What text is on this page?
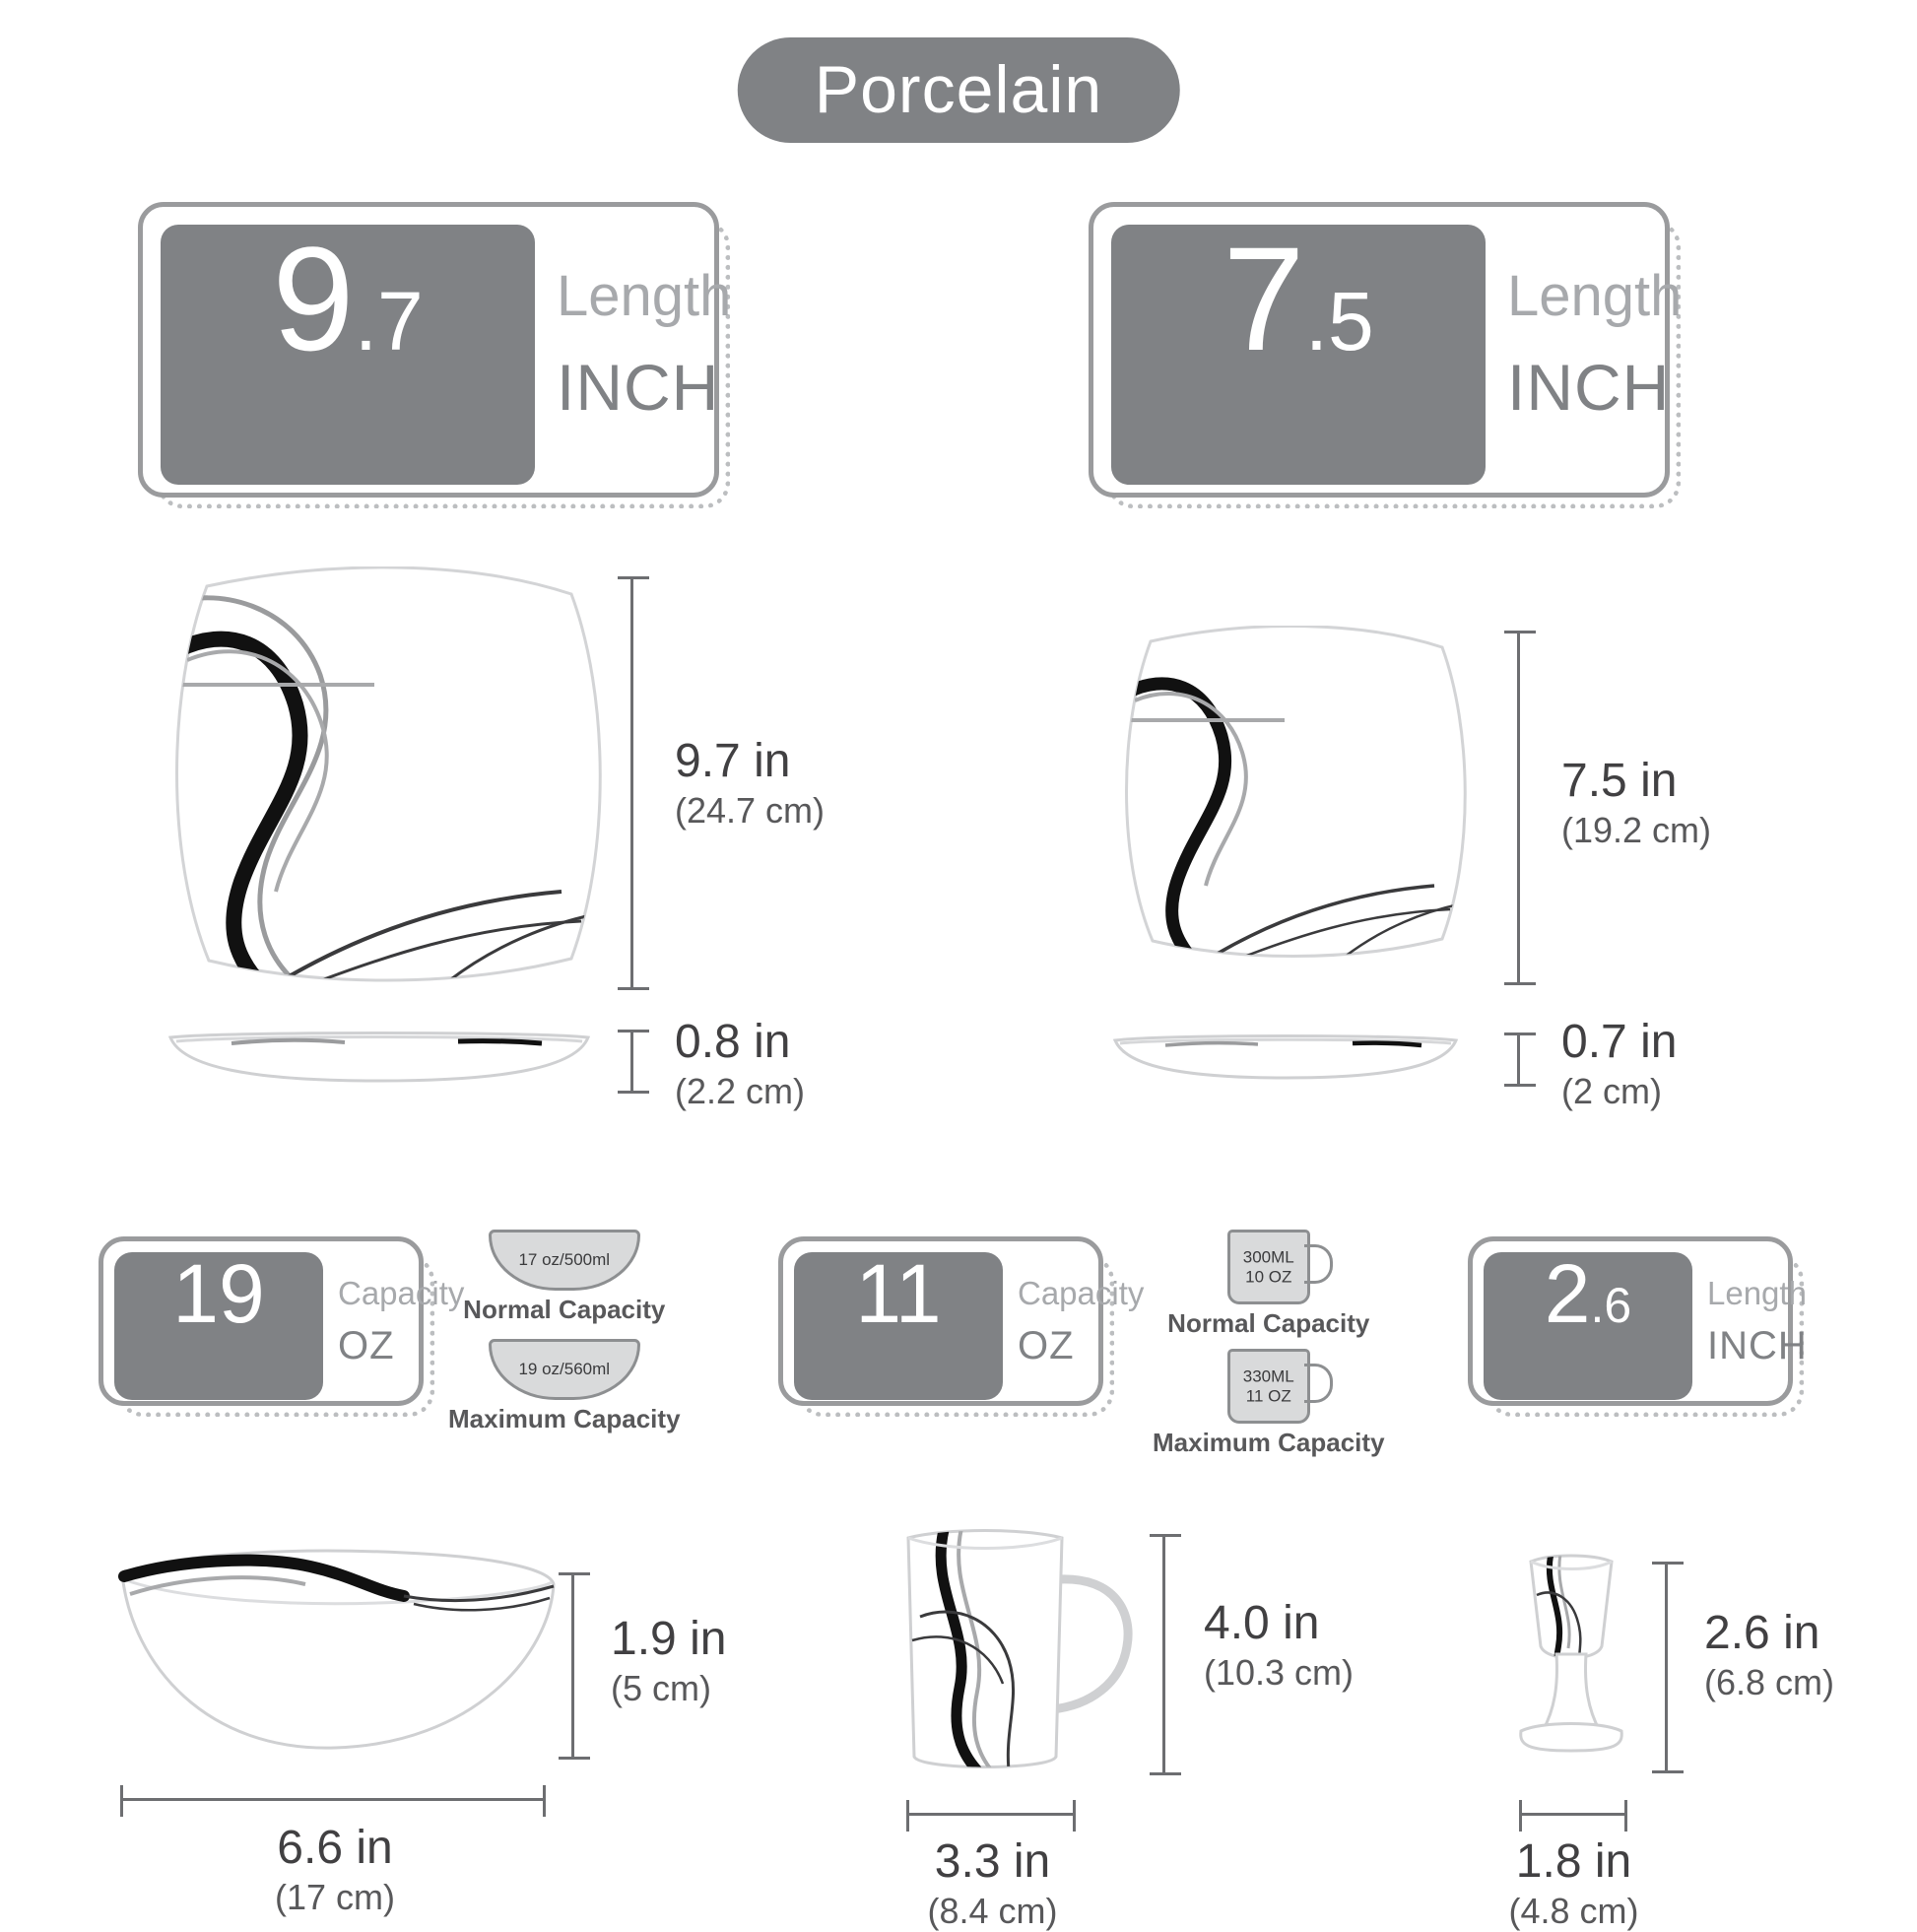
Porcelain
9 .7 Length
INCH
7 .5 Length
INCH
9.7 in
(24.7 cm)
0.8 in
(2.2 cm)
7.5 in
(19.2 cm)
0.7 in
(2 cm)
19 Capacity
OZ
17 oz/500ml
Normal Capacity
19 oz/560ml
Maximum Capacity
11 Capacity
OZ
300ML
10 OZ
Normal Capacity
330ML
11 OZ
Maximum Capacity
2 .6 Length
INCH
1.9 in
(5 cm)
6.6 in
(17 cm)
4.0 in
(10.3 cm)
3.3 in
(8.4 cm)
2.6 in
(6.8 cm)
1.8 in
(4.8 cm)
